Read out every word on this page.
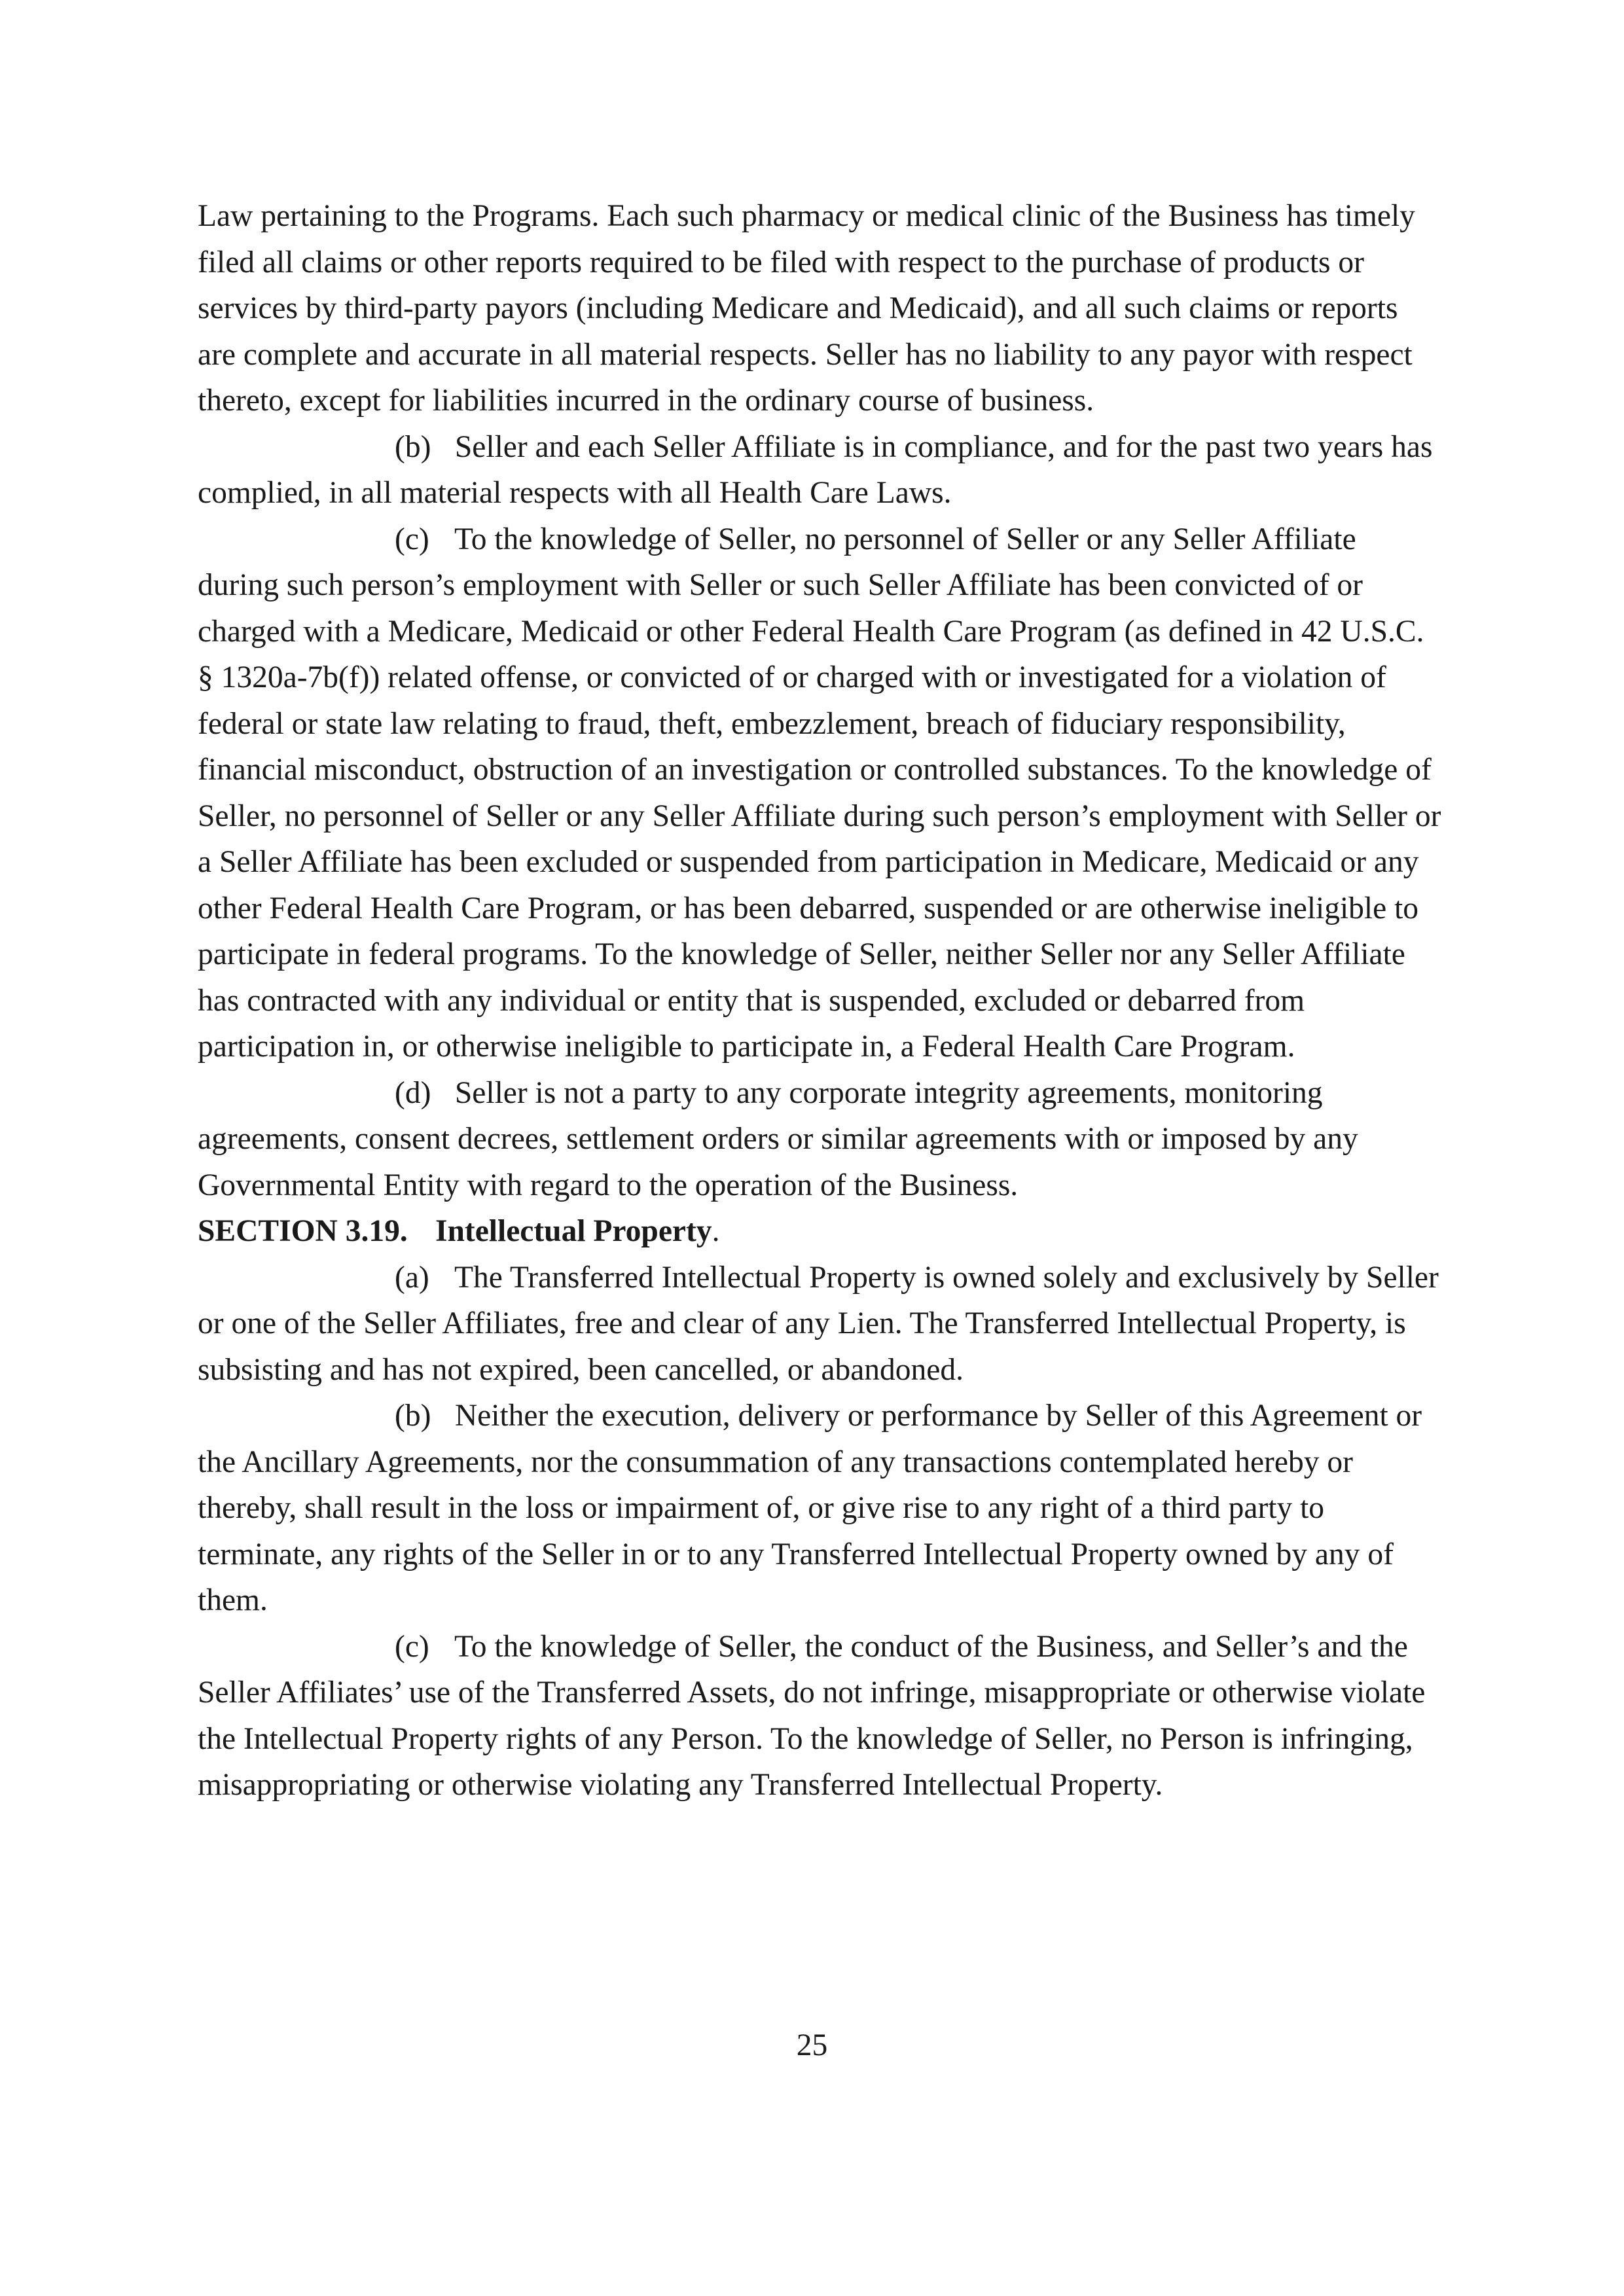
Law pertaining to the Programs. Each such pharmacy or medical clinic of the Business has timely filed all claims or other reports required to be filed with respect to the purchase of products or services by third-party payors (including Medicare and Medicaid), and all such claims or reports are complete and accurate in all material respects. Seller has no liability to any payor with respect thereto, except for liabilities incurred in the ordinary course of business.

(b) Seller and each Seller Affiliate is in compliance, and for the past two years has complied, in all material respects with all Health Care Laws.

(c) To the knowledge of Seller, no personnel of Seller or any Seller Affiliate during such person’s employment with Seller or such Seller Affiliate has been convicted of or charged with a Medicare, Medicaid or other Federal Health Care Program (as defined in 42 U.S.C. § 1320a-7b(f)) related offense, or convicted of or charged with or investigated for a violation of federal or state law relating to fraud, theft, embezzlement, breach of fiduciary responsibility, financial misconduct, obstruction of an investigation or controlled substances. To the knowledge of Seller, no personnel of Seller or any Seller Affiliate during such person’s employment with Seller or a Seller Affiliate has been excluded or suspended from participation in Medicare, Medicaid or any other Federal Health Care Program, or has been debarred, suspended or are otherwise ineligible to participate in federal programs. To the knowledge of Seller, neither Seller nor any Seller Affiliate has contracted with any individual or entity that is suspended, excluded or debarred from participation in, or otherwise ineligible to participate in, a Federal Health Care Program.

(d) Seller is not a party to any corporate integrity agreements, monitoring agreements, consent decrees, settlement orders or similar agreements with or imposed by any Governmental Entity with regard to the operation of the Business.

SECTION 3.19. Intellectual Property.

(a) The Transferred Intellectual Property is owned solely and exclusively by Seller or one of the Seller Affiliates, free and clear of any Lien. The Transferred Intellectual Property, is subsisting and has not expired, been cancelled, or abandoned.

(b) Neither the execution, delivery or performance by Seller of this Agreement or the Ancillary Agreements, nor the consummation of any transactions contemplated hereby or thereby, shall result in the loss or impairment of, or give rise to any right of a third party to terminate, any rights of the Seller in or to any Transferred Intellectual Property owned by any of them.

(c) To the knowledge of Seller, the conduct of the Business, and Seller’s and the Seller Affiliates’ use of the Transferred Assets, do not infringe, misappropriate or otherwise violate the Intellectual Property rights of any Person. To the knowledge of Seller, no Person is infringing, misappropriating or otherwise violating any Transferred Intellectual Property.

25
